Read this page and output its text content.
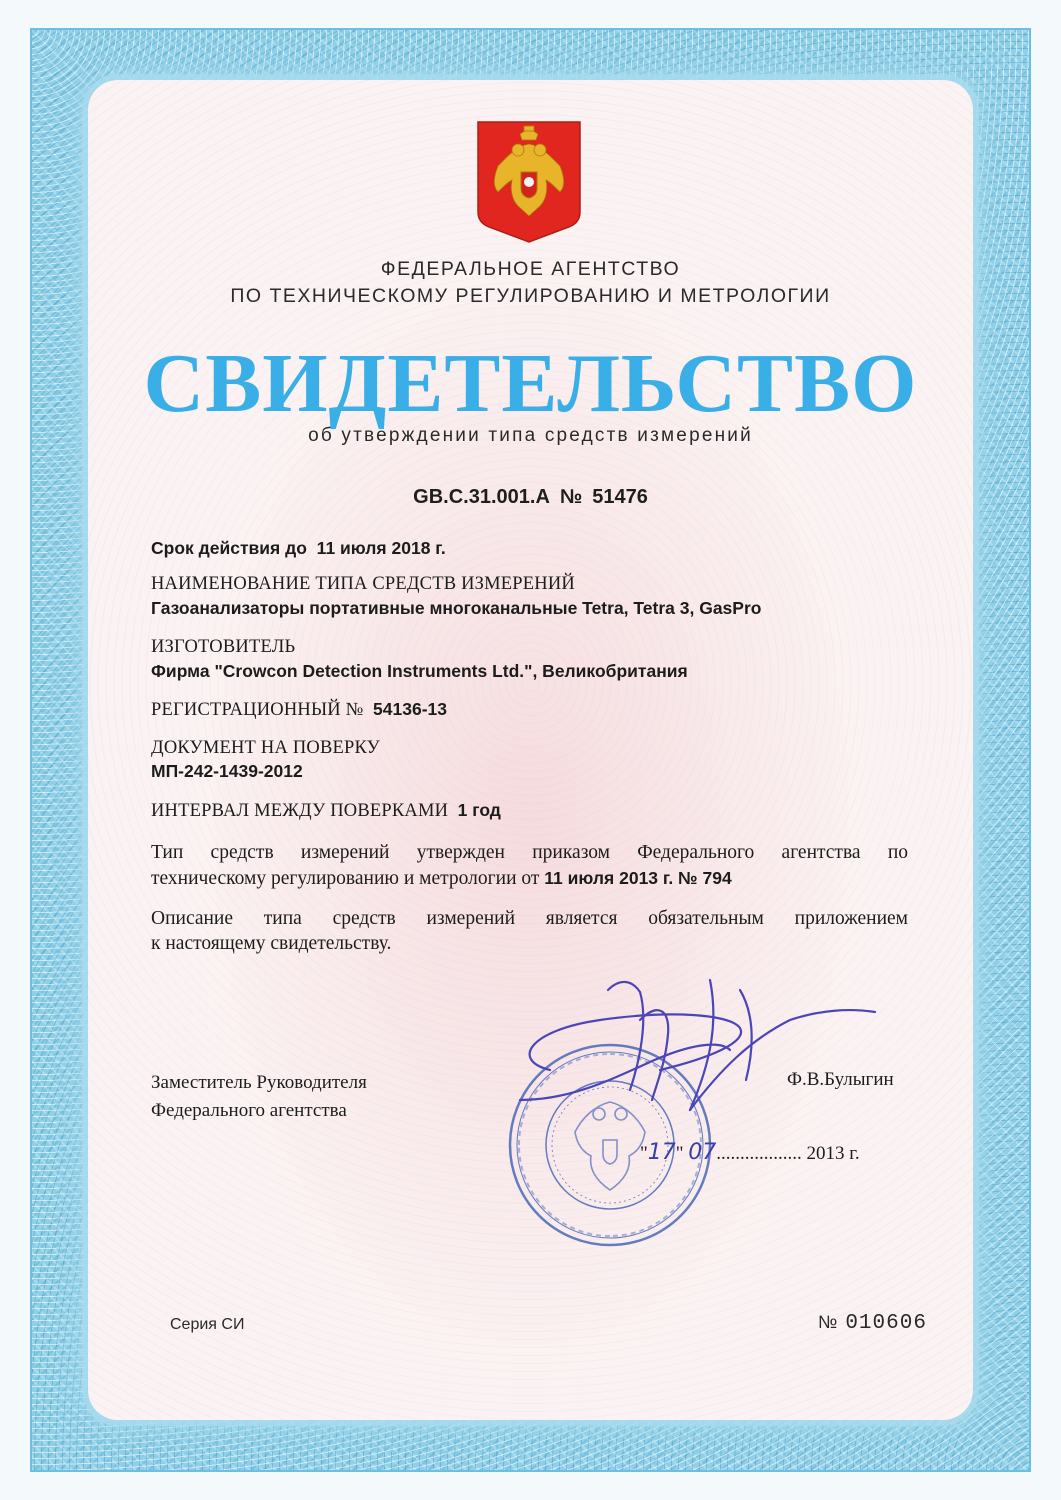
ФЕДЕРАЛЬНОЕ АГЕНТСТВО
ПО ТЕХНИЧЕСКОМУ РЕГУЛИРОВАНИЮ И МЕТРОЛОГИИ
СВИДЕТЕЛЬСТВО
об утверждении типа средств измерений
GB.C.31.001.A № 51476
Срок действия до 11 июля 2018 г.
НАИМЕНОВАНИЕ ТИПА СРЕДСТВ ИЗМЕРЕНИЙ
Газоанализаторы портативные многоканальные Tetra, Tetra 3, GasPro
ИЗГОТОВИТЕЛЬ
Фирма "Crowcon Detection Instruments Ltd.", Великобритания
РЕГИСТРАЦИОННЫЙ № 54136-13
ДОКУМЕНТ НА ПОВЕРКУ
МП-242-1439-2012
ИНТЕРВАЛ МЕЖДУ ПОВЕРКАМИ 1 год
Тип средств измерений утвержден приказом Федерального агентства по
техническому регулированию и метрологии от 11 июля 2013 г. № 794
Описание типа средств измерений является обязательным приложением
к настоящему свидетельству.
Заместитель Руководителя
Федерального агентства
Ф.В.Булыгин
"17" 07.................. 2013 г.
Серия СИ	№ 010606
